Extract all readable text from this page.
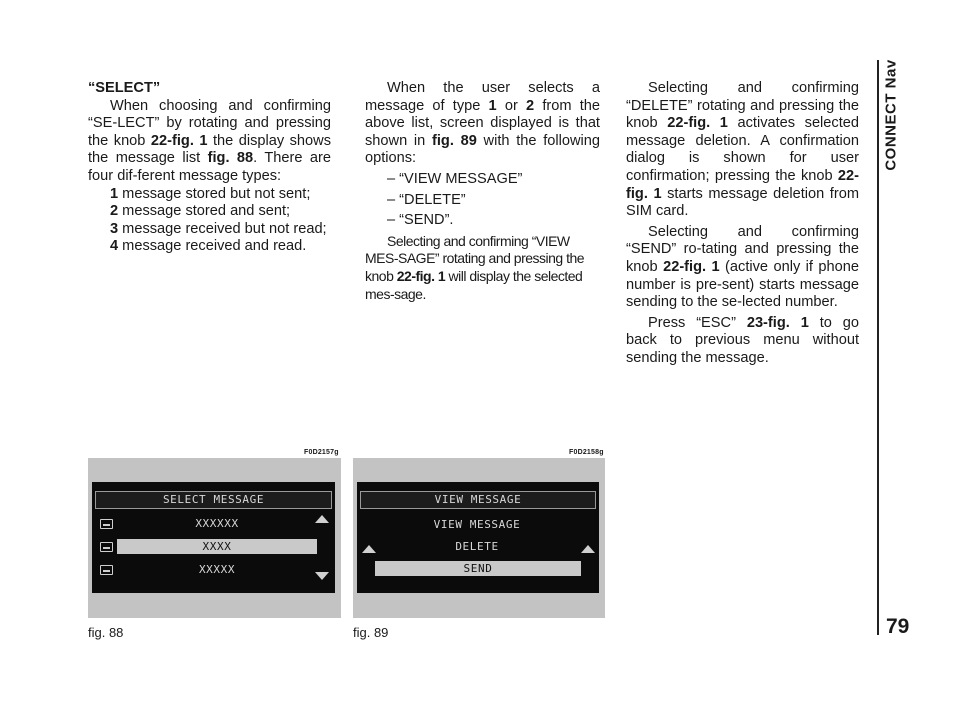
CONNECT Nav
79

“SELECT”

When choosing and confirming “SE-LECT” by rotating and pressing the knob 22-fig. 1 the display shows the message list fig. 88. There are four dif-ferent message types:

1 message stored but not sent;

2 message stored and sent;

3 message received but not read;

4 message received and read.

When the user selects a message of type 1 or 2 from the above list, screen displayed is that shown in fig. 89 with the following options:

– “VIEW MESSAGE”

– “DELETE”

– “SEND”.

Selecting and confirming “VIEW MES-SAGE” rotating and pressing the knob 22-fig. 1 will display the selected mes-sage.

Selecting and confirming “DELETE” rotating and pressing the knob 22-fig. 1 activates selected message deletion. A confirmation dialog is shown for user confirmation; pressing the knob 22-fig. 1 starts message deletion from SIM card.

Selecting and confirming “SEND” ro-tating and pressing the knob 22-fig. 1 (active only if phone number is pre-sent) starts message sending to the se-lected number.

Press “ESC” 23-fig. 1 to go back to previous menu without sending the message.

F0D2157g
SELECT MESSAGE
XXXXXX
XXXX
XXXXX
fig. 88
F0D2158g
VIEW MESSAGE
VIEW MESSAGE
DELETE
SEND
fig. 89
